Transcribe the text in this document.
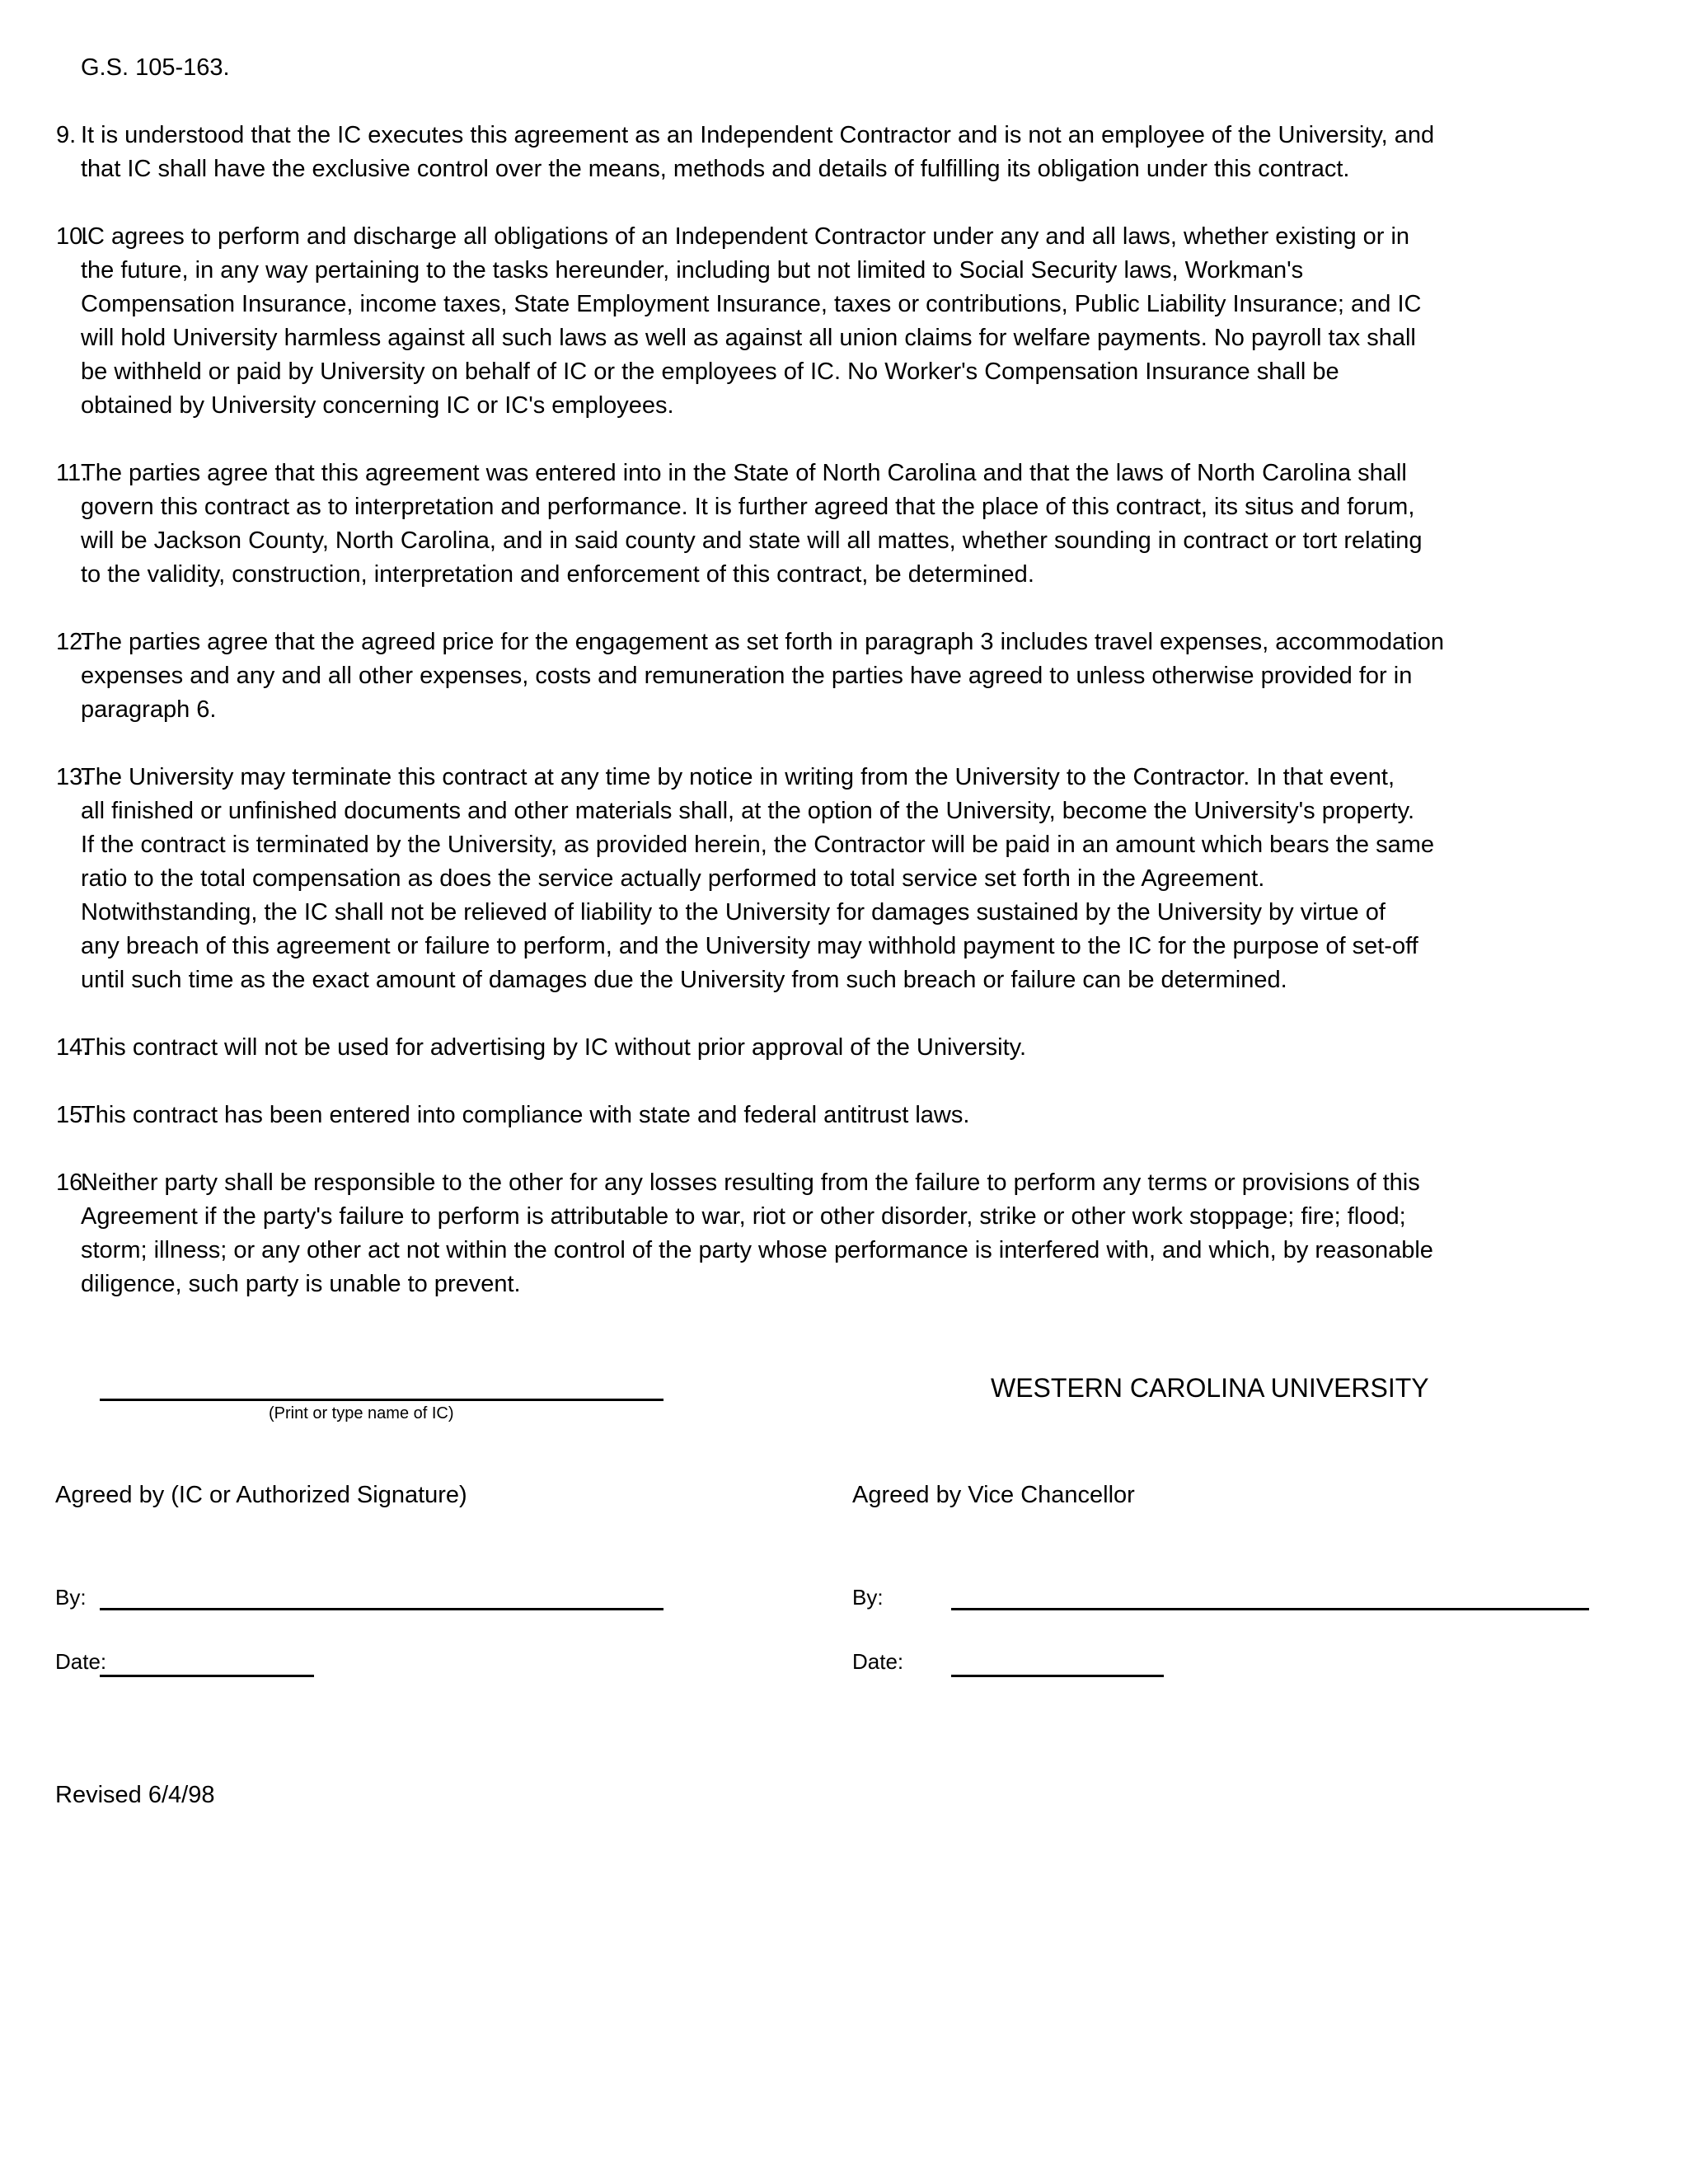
G.S. 105-163.
9. It is understood that the IC executes this agreement as an Independent Contractor and is not an employee of the University, and
that IC shall have the exclusive control over the means, methods and details of fulfilling its obligation under this contract.
10.
IC agrees to perform and discharge all obligations of an Independent Contractor under any and all laws, whether existing or in
the future, in any way pertaining to the tasks hereunder, including but not limited to Social Security laws, Workman's
Compensation Insurance, income taxes, State Employment Insurance, taxes or contributions, Public Liability Insurance; and IC
will hold University harmless against all such laws as well as against all union claims for welfare payments. No payroll tax shall
be withheld or paid by University on behalf of IC or the employees of IC. No Worker's Compensation Insurance shall be
obtained by University concerning IC or IC's employees.
11.
The parties agree that this agreement was entered into in the State of North Carolina and that the laws of North Carolina shall
govern this contract as to interpretation and performance. It is further agreed that the place of this contract, its situs and forum,
will be Jackson County, North Carolina, and in said county and state will all mattes, whether sounding in contract or tort relating
to the validity, construction, interpretation and enforcement of this contract, be determined.
12.
The parties agree that the agreed price for the engagement as set forth in paragraph 3 includes travel expenses, accommodation
expenses and any and all other expenses, costs and remuneration the parties have agreed to unless otherwise provided for in
paragraph 6.
13.
The University may terminate this contract at any time by notice in writing from the University to the Contractor. In that event,
all finished or unfinished documents and other materials shall, at the option of the University, become the University's property.
If the contract is terminated by the University, as provided herein, the Contractor will be paid in an amount which bears the same
ratio to the total compensation as does the service actually performed to total service set forth in the Agreement.
Notwithstanding, the IC shall not be relieved of liability to the University for damages sustained by the University by virtue of
any breach of this agreement or failure to perform, and the University may withhold payment to the IC for the purpose of set-off
until such time as the exact amount of damages due the University from such breach or failure can be determined.
14.
This contract will not be used for advertising by IC without prior approval of the University.
15.
This contract has been entered into compliance with state and federal antitrust laws.
16.
Neither party shall be responsible to the other for any losses resulting from the failure to perform any terms or provisions of this
Agreement if the party's failure to perform is attributable to war, riot or other disorder, strike or other work stoppage; fire; flood;
storm; illness; or any other act not within the control of the party whose performance is interfered with, and which, by reasonable
diligence, such party is unable to prevent.
(Print or type name of IC)
WESTERN CAROLINA UNIVERSITY
Agreed by (IC or Authorized Signature)	Agreed by Vice Chancellor
By:	By:
Date:	Date:
Revised 6/4/98
